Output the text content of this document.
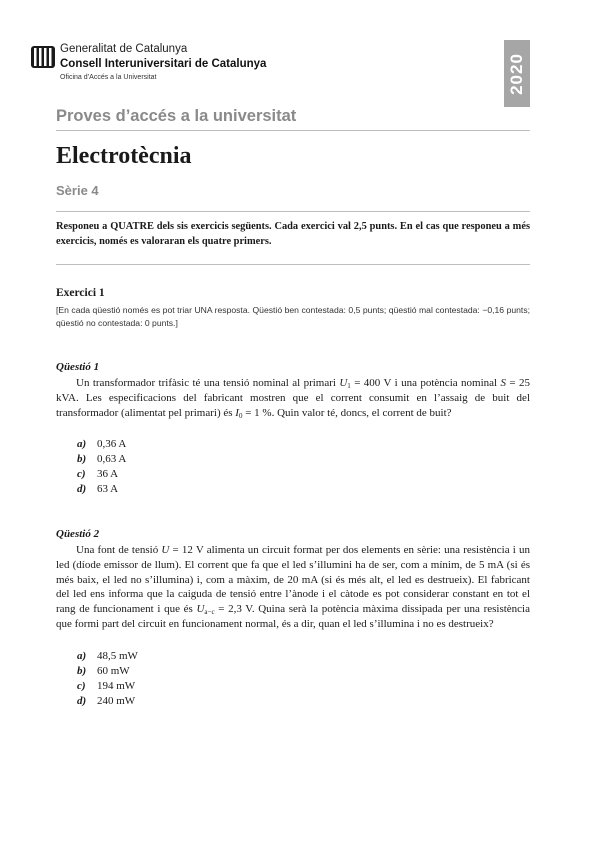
Generalitat de Catalunya
Consell Interuniversitari de Catalunya
Oficina d’Accés a la Universitat	2020
Proves d’accés a la universitat
Electrotècnia
Sèrie 4
Responeu a QUATRE dels sis exercicis següents. Cada exercici val 2,5 punts. En el cas que responeu a més exercicis, només es valoraran els quatre primers.
Exercici 1
[En cada qüestió només es pot triar UNA resposta. Qüestió ben contestada: 0,5 punts; qüestió mal contestada: −0,16 punts; qüestió no contestada: 0 punts.]
Qüestió 1
Un transformador trifàsic té una tensió nominal al primari $U_1 = 400$ V i una potència nominal S = 25 kVA. Les especificacions del fabricant mostren que el corrent consumit en l’assaig de buit del transformador (alimentat pel primari) és $I_0 = 1$ %. Quin valor té, doncs, el corrent de buit?
a) 0,36 A
b) 0,63 A
c) 36 A
d) 63 A
Qüestió 2
Una font de tensió U = 12 V alimenta un circuit format per dos elements en sèrie: una resistència i un led (díode emissor de llum). El corrent que fa que el led s’illumini ha de ser, com a mínim, de 5 mA (si és més baix, el led no s’illumina) i, com a màxim, de 20 mA (si és més alt, el led es destrueix). El fabricant del led ens informa que la caiguda de tensió entre l’ànode i el càtode es pot considerar constant en tot el rang de funcionament i que és $U_{a-c} = 2,3$ V. Quina serà la potència màxima dissipada per una resistència que formi part del circuit en funcionament normal, és a dir, quan el led s’illumina i no es destrueix?
a) 48,5 mW
b) 60 mW
c) 194 mW
d) 240 mW
